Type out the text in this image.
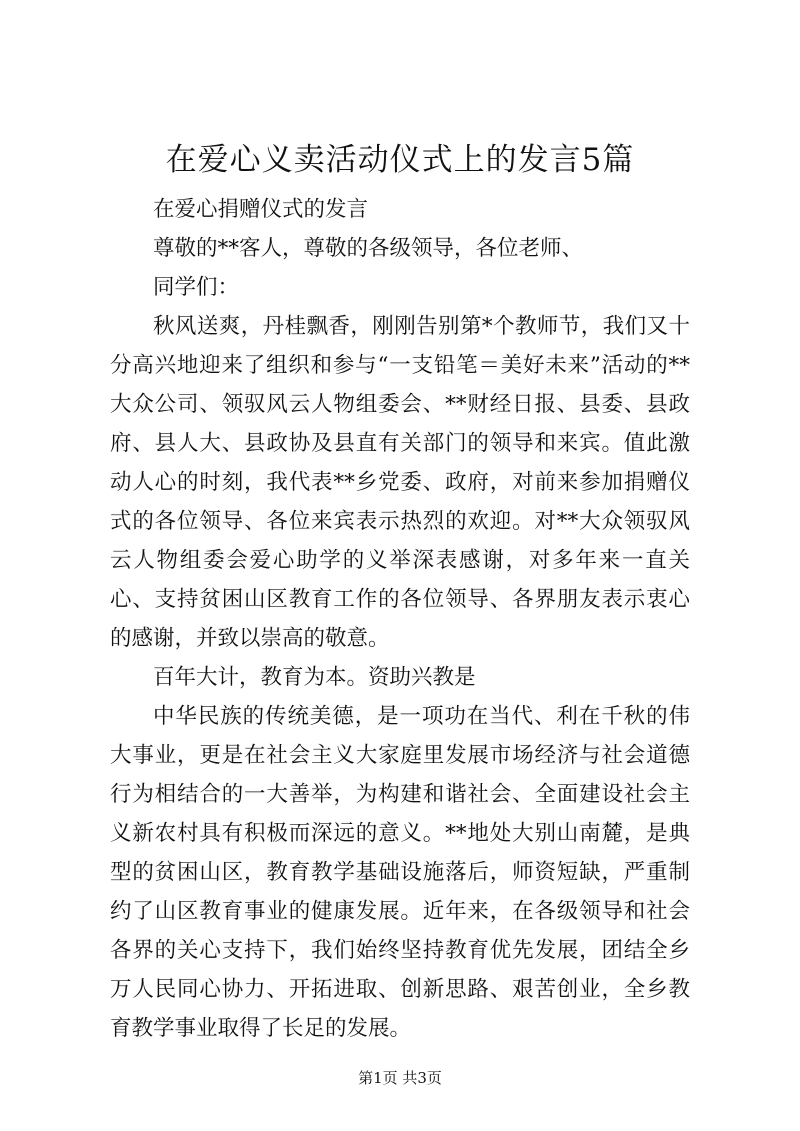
在爱心义卖活动仪式上的发言5篇

在爱心捐赠仪式的发言

尊敬的**客人，尊敬的各级领导，各位老师、

同学们：

秋风送爽，丹桂飘香，刚刚告别第*个教师节，我们又十分高兴地迎来了组织和参与“一支铅笔＝美好未来”活动的**大众公司、领驭风云人物组委会、**财经日报、县委、县政府、县人大、县政协及县直有关部门的领导和来宾。值此激动人心的时刻，我代表**乡党委、政府，对前来参加捐赠仪式的各位领导、各位来宾表示热烈的欢迎。对**大众领驭风云人物组委会爱心助学的义举深表感谢，对多年来一直关心、支持贫困山区教育工作的各位领导、各界朋友表示衷心的感谢，并致以崇高的敬意。

百年大计，教育为本。资助兴教是

中华民族的传统美德，是一项功在当代、利在千秋的伟大事业，更是在社会主义大家庭里发展市场经济与社会道德行为相结合的一大善举，为构建和谐社会、全面建设社会主义新农村具有积极而深远的意义。**地处大别山南麓，是典型的贫困山区，教育教学基础设施落后，师资短缺，严重制约了山区教育事业的健康发展。近年来，在各级领导和社会各界的关心支持下，我们始终坚持教育优先发展，团结全乡万人民同心协力、开拓进取、创新思路、艰苦创业，全乡教育教学事业取得了长足的发展。

第1页 共3页
